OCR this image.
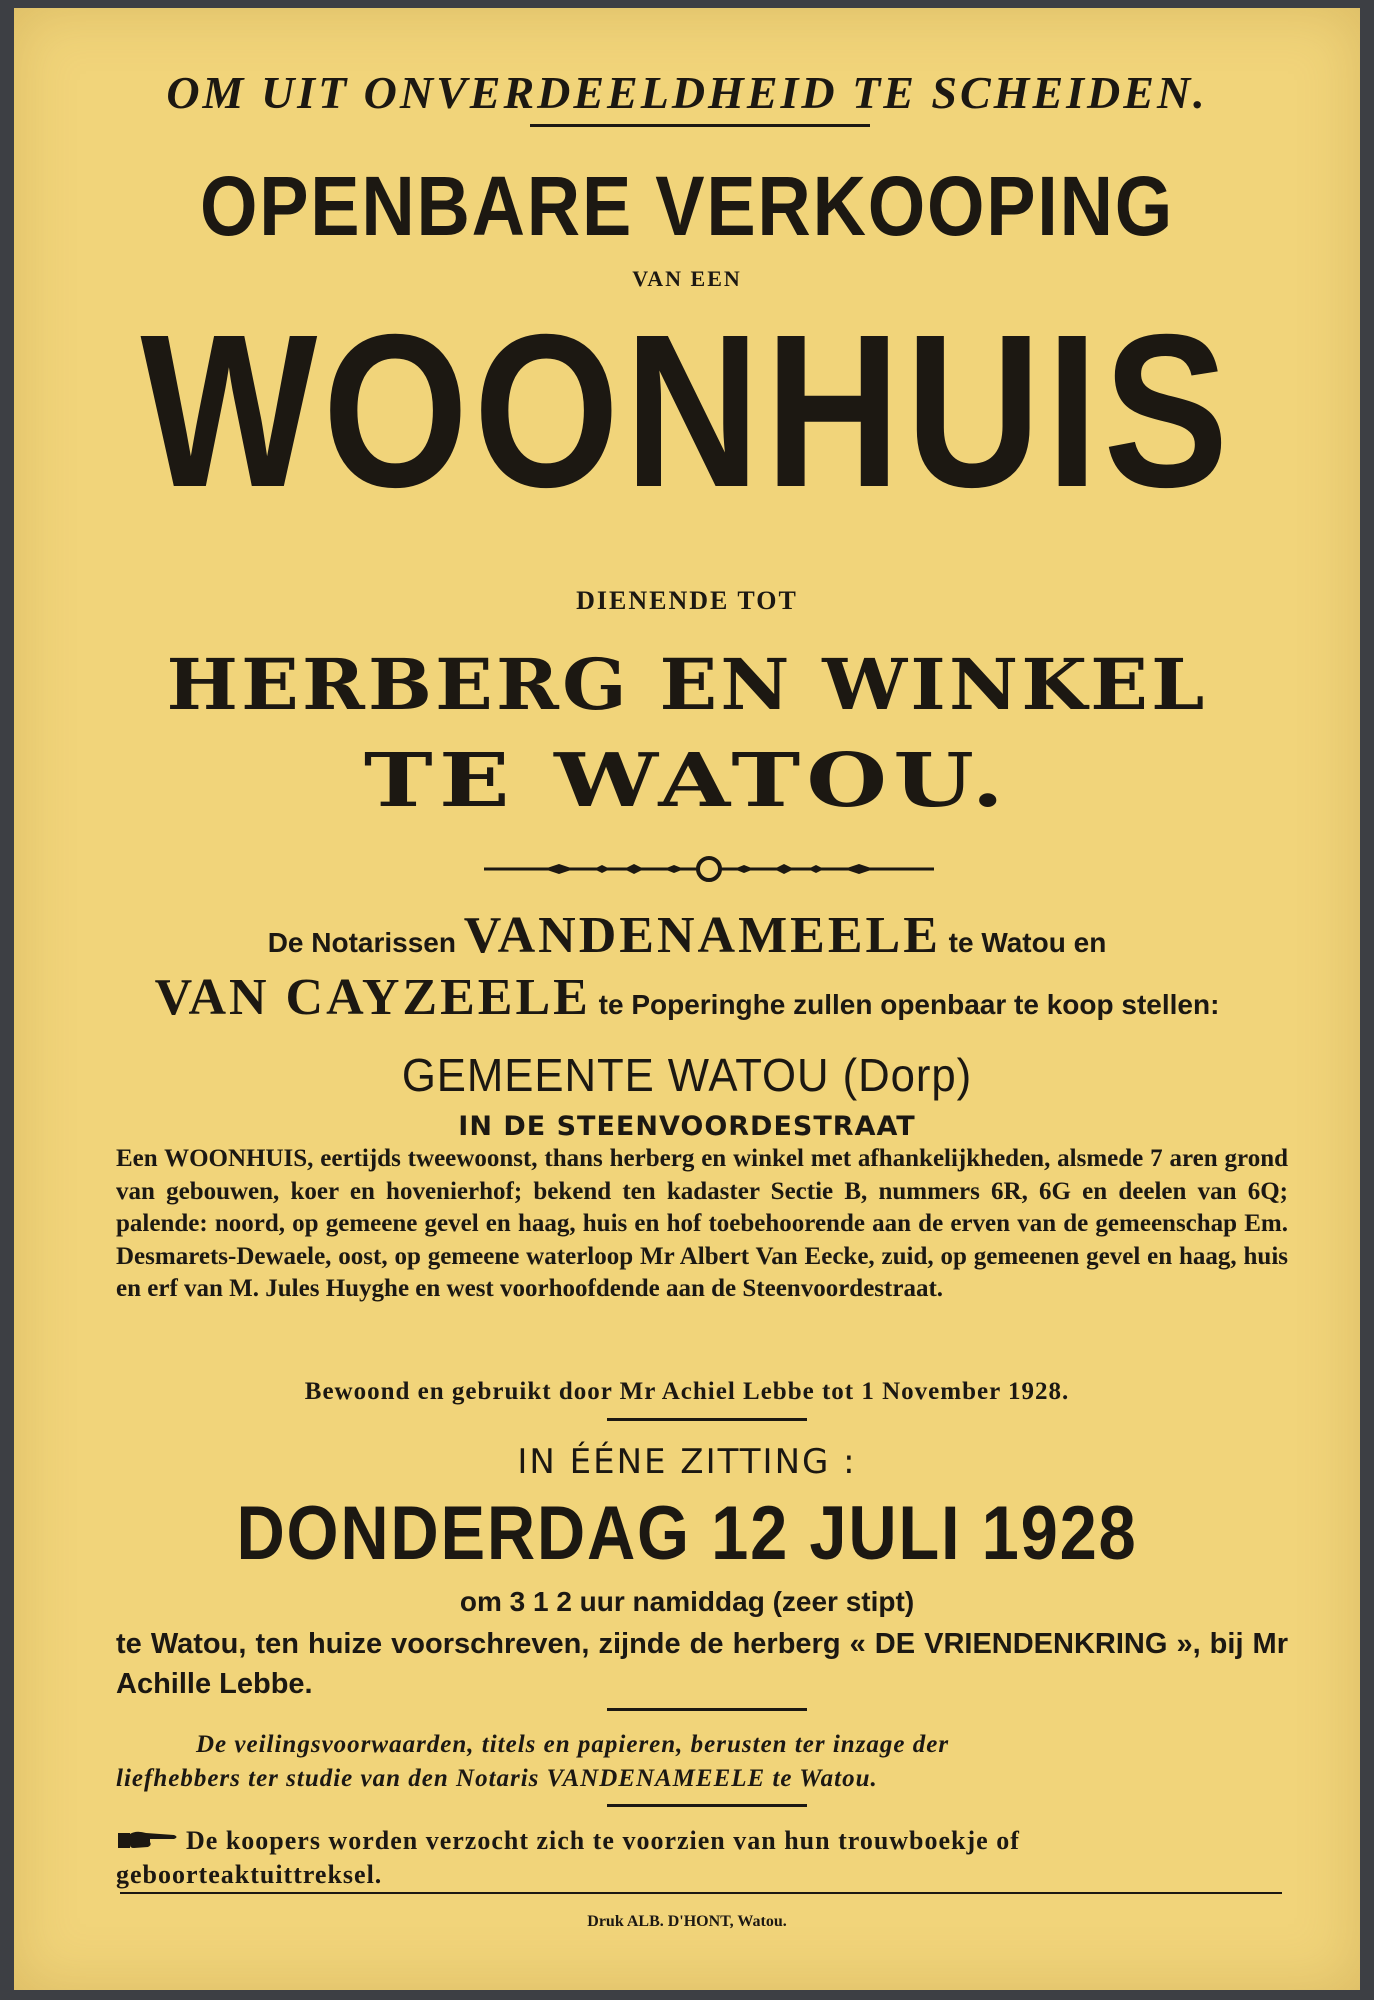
OM UIT ONVERDEELDHEID TE SCHEIDEN.

OPENBARE VERKOOPING

VAN EEN

WOONHUIS

DIENENDE TOT

HERBERG EN WINKEL
TE WATOU.

De Notarissen VANDENAMEELE te Watou en

VAN CAYZEELE te Poperinghe zullen openbaar te koop stellen:

GEMEENTE WATOU (Dorp)

IN DE STEENVOORDESTRAAT

Een WOONHUIS, eertijds tweewoonst, thans herberg en winkel met afhankelijkheden, alsmede 7 aren grond van gebouwen, koer en hovenierhof; bekend ten kadaster Sectie B, nummers 6R, 6G en deelen van 6Q; palende: noord, op gemeene gevel en haag, huis en hof toebehoorende aan de erven van de gemeenschap Em. Desmarets-Dewaele, oost, op gemeene waterloop Mr Albert Van Eecke, zuid, op gemeenen gevel en haag, huis en erf van M. Jules Huyghe en west voorhoofdende aan de Steenvoordestraat.

Bewoond en gebruikt door Mr Achiel Lebbe tot 1 November 1928.

IN ÉÉNE ZITTING :

DONDERDAG 12 JULI 1928

om 3 1 2 uur namiddag (zeer stipt)

te Watou, ten huize voorschreven, zijnde de herberg « DE VRIENDENKRING », bij Mr Achille Lebbe.

De veilingsvoorwaarden, titels en papieren, berusten ter inzage der
liefhebbers ter studie van den Notaris VANDENAMEELE te Watou.

De koopers worden verzocht zich te voorzien van hun trouwboekje of geboorteaktuittreksel.

Druk ALB. D'HONT, Watou.
